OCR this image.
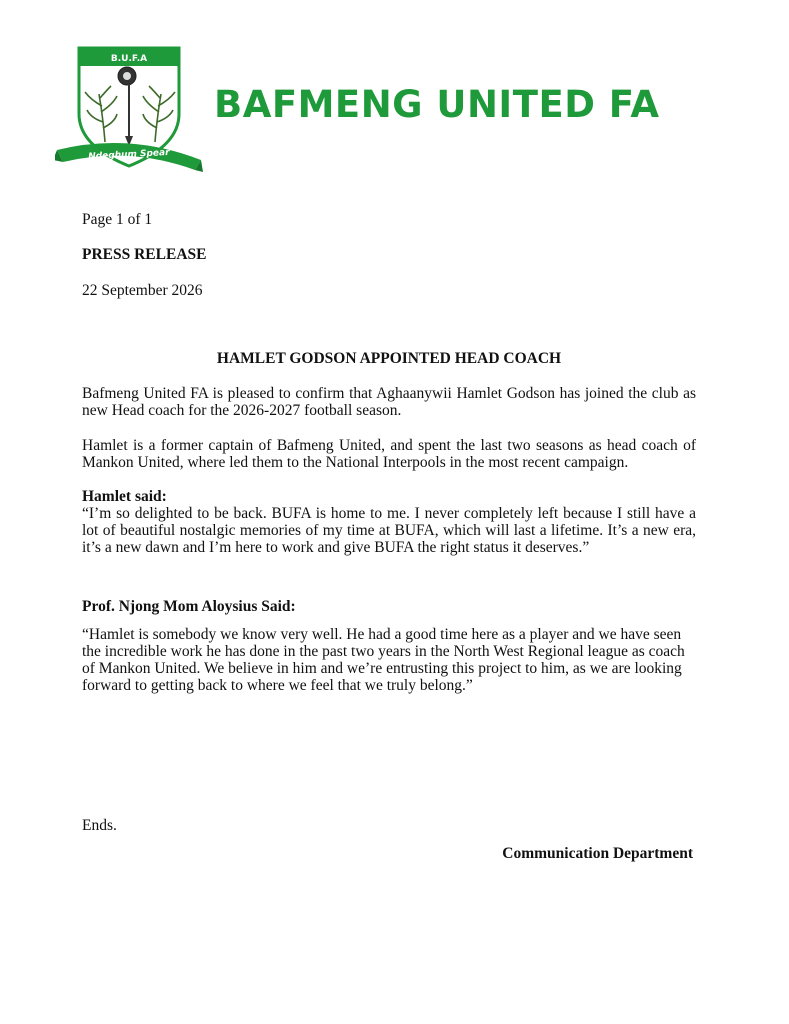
B.U.F.A
Ndeghum Spear
BAFMENG UNITED FA
Page 1 of 1
PRESS RELEASE
22 September 2026
HAMLET GODSON APPOINTED HEAD COACH
Bafmeng United FA is pleased to confirm that Aghaanywii Hamlet Godson has joined the club as new Head coach for the 2026-2027 football season.
Hamlet is a former captain of Bafmeng United, and spent the last two seasons as head coach of Mankon United, where led them to the National Interpools in the most recent campaign.
Hamlet said:
“I’m so delighted to be back. BUFA is home to me. I never completely left because I still have a lot of beautiful nostalgic memories of my time at BUFA, which will last a lifetime. It’s a new era, it’s a new dawn and I’m here to work and give BUFA the right status it deserves.”
Prof. Njong Mom Aloysius Said:
“Hamlet is somebody we know very well. He had a good time here as a player and we have seen the incredible work he has done in the past two years in the North West Regional league as coach of Mankon United. We believe in him and we’re entrusting this project to him, as we are looking forward to getting back to where we feel that we truly belong.”
Ends.
Communication Department
